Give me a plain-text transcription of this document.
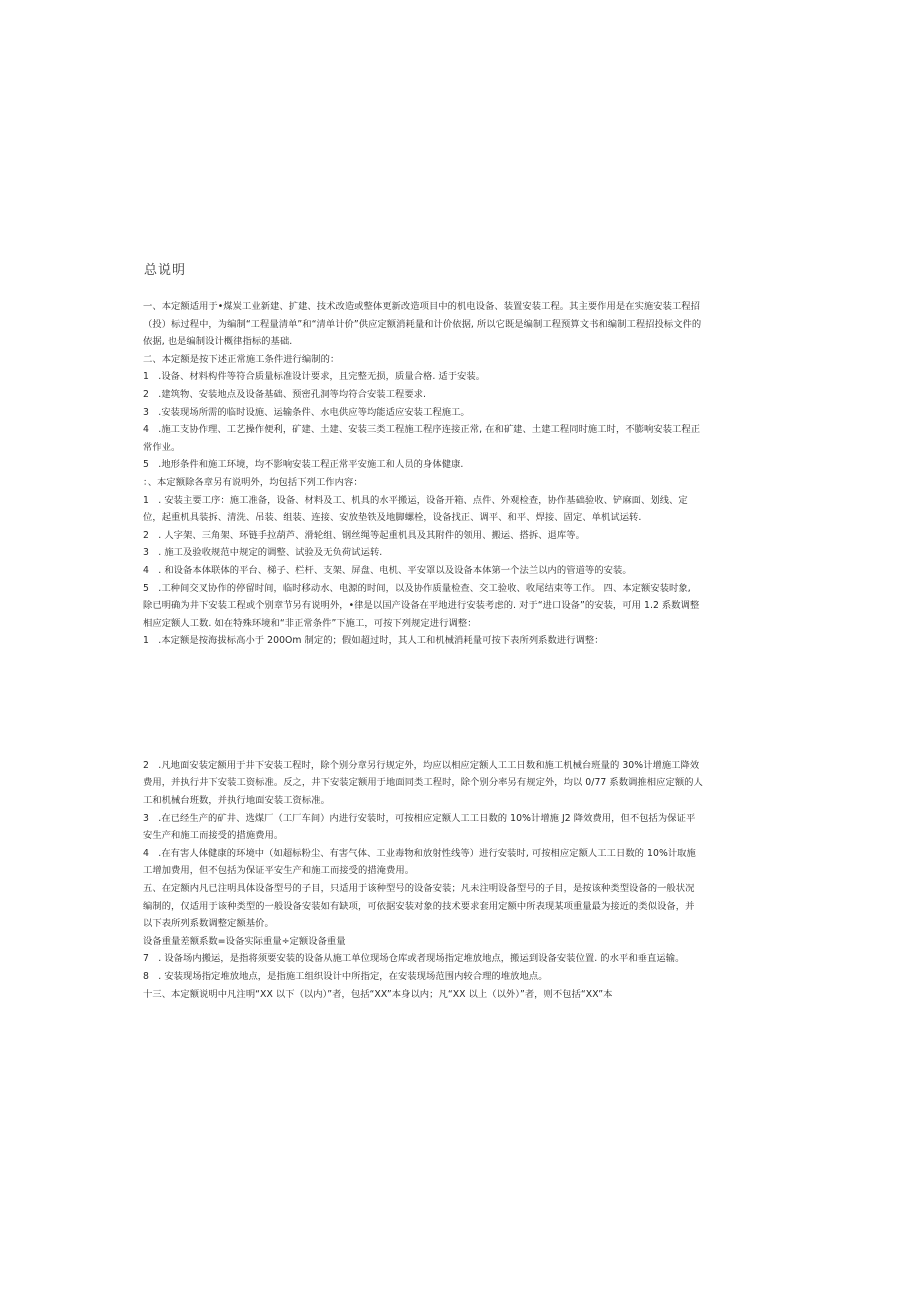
总说明

一、本定额适用于•煤炭工业新建、扩建、技术改造或整体更新改造项目中的机电设备、装置安装工程。其主要作用是在实施安装工程招（投）标过程中，为编制“工程量清单”和“清单计价”供应定额消耗量和计价依据, 所以它既是编制工程预算文书和编制工程招投标文件的依据, 也是编制设计概律指标的基础.

二、本定额是按下述正常施工条件进行编制的：

1　.设备、材料构件等符合质量标准设计要求，且完整无损，质量合格. 适于安装。

2　.建筑物、安装地点及设备基础、预密孔洞等均符合安装工程要求.

3　.安装现场所需的临时设施、运输条件、水电供应等均能适应安装工程施工。

4　.施工支协作理、工艺操作便利，矿建、土建、安装三类工程施工程序连接正常, 在和矿建、土建工程同时施工时，不膨响安装工程正常作业。

5　.地形条件和施工环境，均不影响安装工程正常平安施工和人员的身体健康.

：、本定额除各章另有说明外，均包括下列工作内容：

1　. 安装主要工序：施工准备，设备、材料及工、机具的水平搬运，设备开箱、点件、外观检查，协作基础验收、铲麻面、划线、定位，起重机具装拆、清洗、吊装、组装、连接、安放垫铁及地脚螺栓，设备找正、调平、和平、焊接、固定、单机试运转.

2　. 人字架、三角架、环链手拉葫芦、滑轮组、钢丝绳等起重机具及其附件的领用、搬运、搭拆、退库等。

3　. 施工及验收规范中规定的调整、试验及无负荷试运转.

4　. 和设备本体联体的平台、梯子、栏杆、支架、屏盘、电机、平安罩以及设备本体第一个法兰以内的管道等的安装。

5　.工种间交叉协作的停留时间，临时移动水、电源的时间，以及协作质量检查、交工验收、收尾结束等工作。 四、本定额安装时象, 除已明确为井下安装工程或个别章节另有说明外，•律是以国产设备在平地进行安装考虑的. 对于“进口设备”的安装，可用 1.2 系数调整相应定额人工数. 如在特殊环境和“非正常条件”下施工，可按下列规定进行调整：

1　.本定额是按海拔标高小于 200Om 制定的；假如超过时，其人工和机械消耗量可按下表所列系数进行调整：

2　.凡地面安装定额用于井下安装工程时，除个别分章另行规定外，均应以相应定额人工工日数和施工机械台班量的 30%计增施工降效费用，并执行井下安装工资标准。反之，井下安装定额用于地面同类工程时，除个别分率另有规定外，均以 0/77 系数调推相应定额的人工和机械台班数，并执行地面安装工资标准。

3　.在已经生产的矿井、选煤厂（工厂车间）内进行安装时，可按相应定额人工工日数的 10%计增施 J2 降效费用，但不包括为保证平安生产和施工而接受的措施费用。

4　.在有害人体健康的环境中（如超标粉尘、有害气体、工业毒物和放射性线等）进行安装时, 可按相应定额人工工日数的 10%计取施工增加费用，但不包括为保证平安生产和施工而接受的措淹费用。

五、在定额内凡已注明具体设备型号的子目，只适用于该种型号的设备安装；凡未注明设备型号的子目，是按该种类型设备的一般状况编制的，仅适用于该种类型的一般设备安装如有缺项，可依据安装对象的技术要求套用定额中所表现某项重量最为接近的类似设备，并以下表所列系数调整定额基价。

设备重量差额系数=设备实际重量÷定额设备重量

7　. 设备场内搬运，是指将须要安装的设备从施工单位现场仓库或者现场指定堆放地点，搬运到设备安装位置. 的水平和垂直运输。

8　. 安装现场指定堆放地点，是指施工组织设计中所指定，在安装现场范围内较合理的堆放地点。

十三、本定额说明中凡注明“XX 以下（以内）”者，包括“XX”本身以内；凡“XX 以上（以外）”者，则不包括“XX”本
